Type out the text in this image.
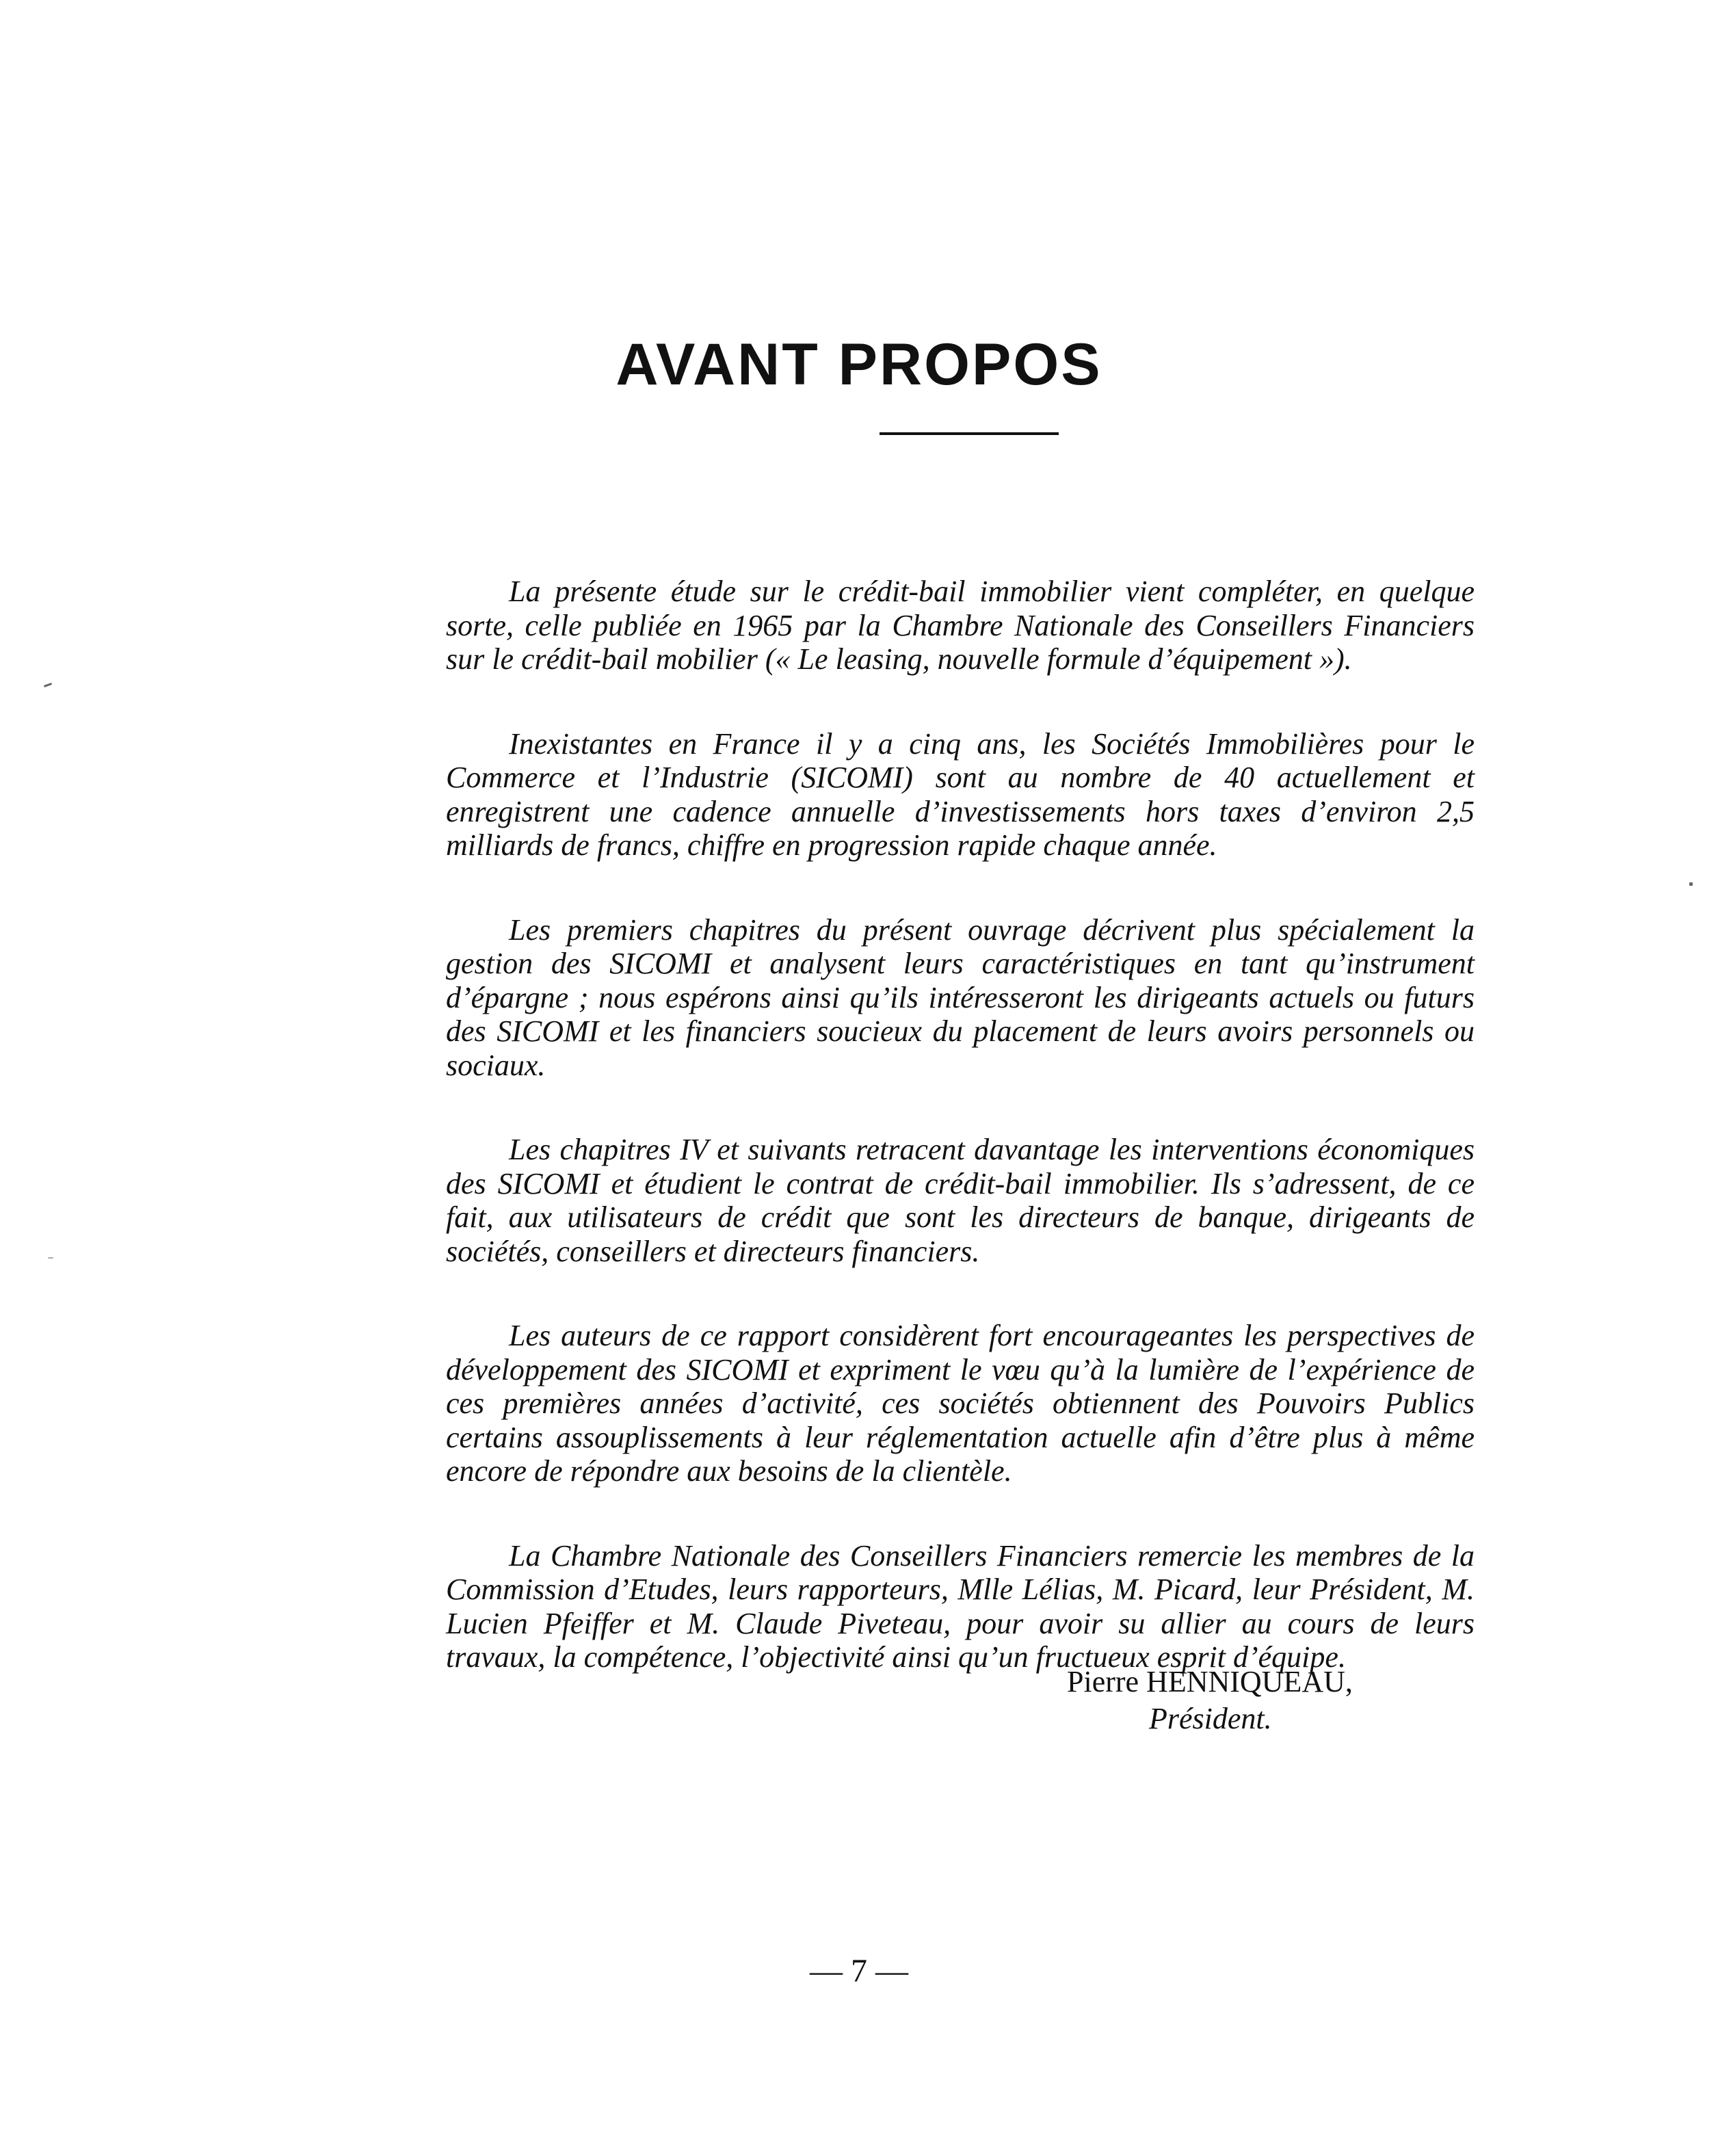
AVANT PROPOS

La présente étude sur le crédit-bail immobilier vient compléter, en quelque sorte, celle publiée en 1965 par la Chambre Nationale des Conseillers Financiers sur le crédit-bail mobilier (« Le leasing, nouvelle formule d’équipement »).

Inexistantes en France il y a cinq ans, les Sociétés Immobilières pour le Commerce et l’Industrie (SICOMI) sont au nombre de 40 actuellement et enregistrent une cadence annuelle d’investissements hors taxes d’environ 2,5 milliards de francs, chiffre en progression rapide chaque année.

Les premiers chapitres du présent ouvrage décrivent plus spécialement la gestion des SICOMI et analysent leurs caractéristiques en tant qu’instrument d’épargne ; nous espérons ainsi qu’ils intéresseront les dirigeants actuels ou futurs des SICOMI et les financiers soucieux du placement de leurs avoirs personnels ou sociaux.

Les chapitres IV et suivants retracent davantage les interventions économiques des SICOMI et étudient le contrat de crédit-bail immobilier. Ils s’adressent, de ce fait, aux utilisateurs de crédit que sont les directeurs de banque, dirigeants de sociétés, conseillers et directeurs financiers.

Les auteurs de ce rapport considèrent fort encourageantes les perspectives de développement des SICOMI et expriment le vœu qu’à la lumière de l’expérience de ces premières années d’activité, ces sociétés obtiennent des Pouvoirs Publics certains assouplissements à leur réglementation actuelle afin d’être plus à même encore de répondre aux besoins de la clientèle.

La Chambre Nationale des Conseillers Financiers remercie les membres de la Commission d’Etudes, leurs rapporteurs, Mlle Lélias, M. Picard, leur Président, M. Lucien Pfeiffer et M. Claude Piveteau, pour avoir su allier au cours de leurs travaux, la compétence, l’objectivité ainsi qu’un fructueux esprit d’équipe.

Pierre HENNIQUEAU,

Président.

— 7 —
